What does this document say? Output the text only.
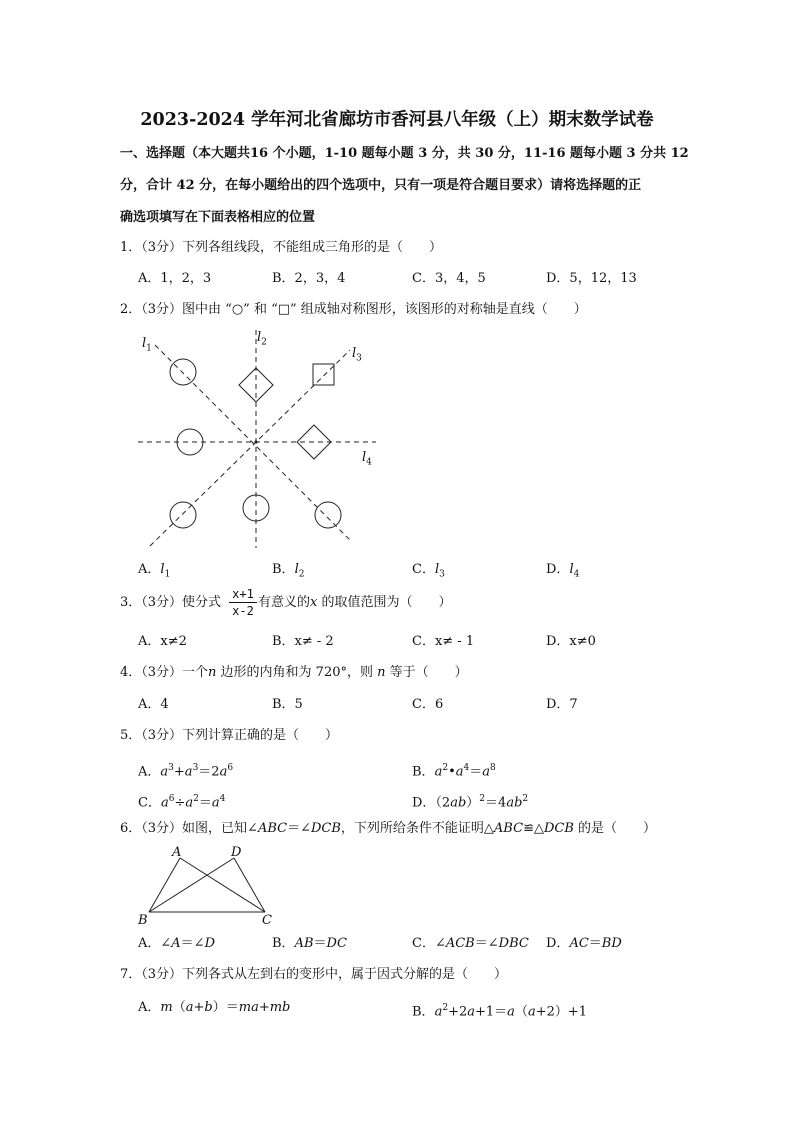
2023-2024 学年河北省廊坊市香河县八年级（上）期末数学试卷
一、选择题（本大题共16 个小题，1-10 题每小题 3 分，共 30 分，11-16 题每小题 3 分共 12
分，合计 42 分，在每小题给出的四个选项中，只有一项是符合题目要求）请将选择题的正
确选项填写在下面表格相应的位置
1．（3分）下列各组线段，不能组成三角形的是（　　）
A．1，2，3	B．2，3，4	C．3，4，5	D．5，12，13
2．（3分）图中由 “○” 和 “□” 组成轴对称图形，该图形的对称轴是直线（　　）
$l_1$
$l_2$
$l_3$
$l_4$
A．$l_1$	B．$l_2$	C．$l_3$	D．$l_4$
3．（3分）使分式
x+1
x-2
有意义的x 的取值范围为（　　）
A．x≠2	B．x≠ - 2	C．x≠ - 1	D．x≠0
4．（3分）一个n 边形的内角和为 720°，则 n 等于（　　）
A．4	B．5	C．6	D．7
5．（3分）下列计算正确的是（　　）
A．$a^3+a^3=2a^6$	B．$a^2•a^4=a^8$
C．$a^6\div a^2=a^4$	D．$(2ab)^2=4ab^2$
6．（3分）如图，已知∠ABC＝∠DCB，下列所给条件不能证明△ABC≌△DCB 的是（　　）
A	D
B	C
A．∠A＝∠D	B．AB＝DC	C．∠ACB＝∠DBC D．AC＝BD
7．（3分）下列各式从左到右的变形中，属于因式分解的是（　　）
A．m（a+b）＝ma+mb	B．$a^2+2a+1=a(a+2)+1$
